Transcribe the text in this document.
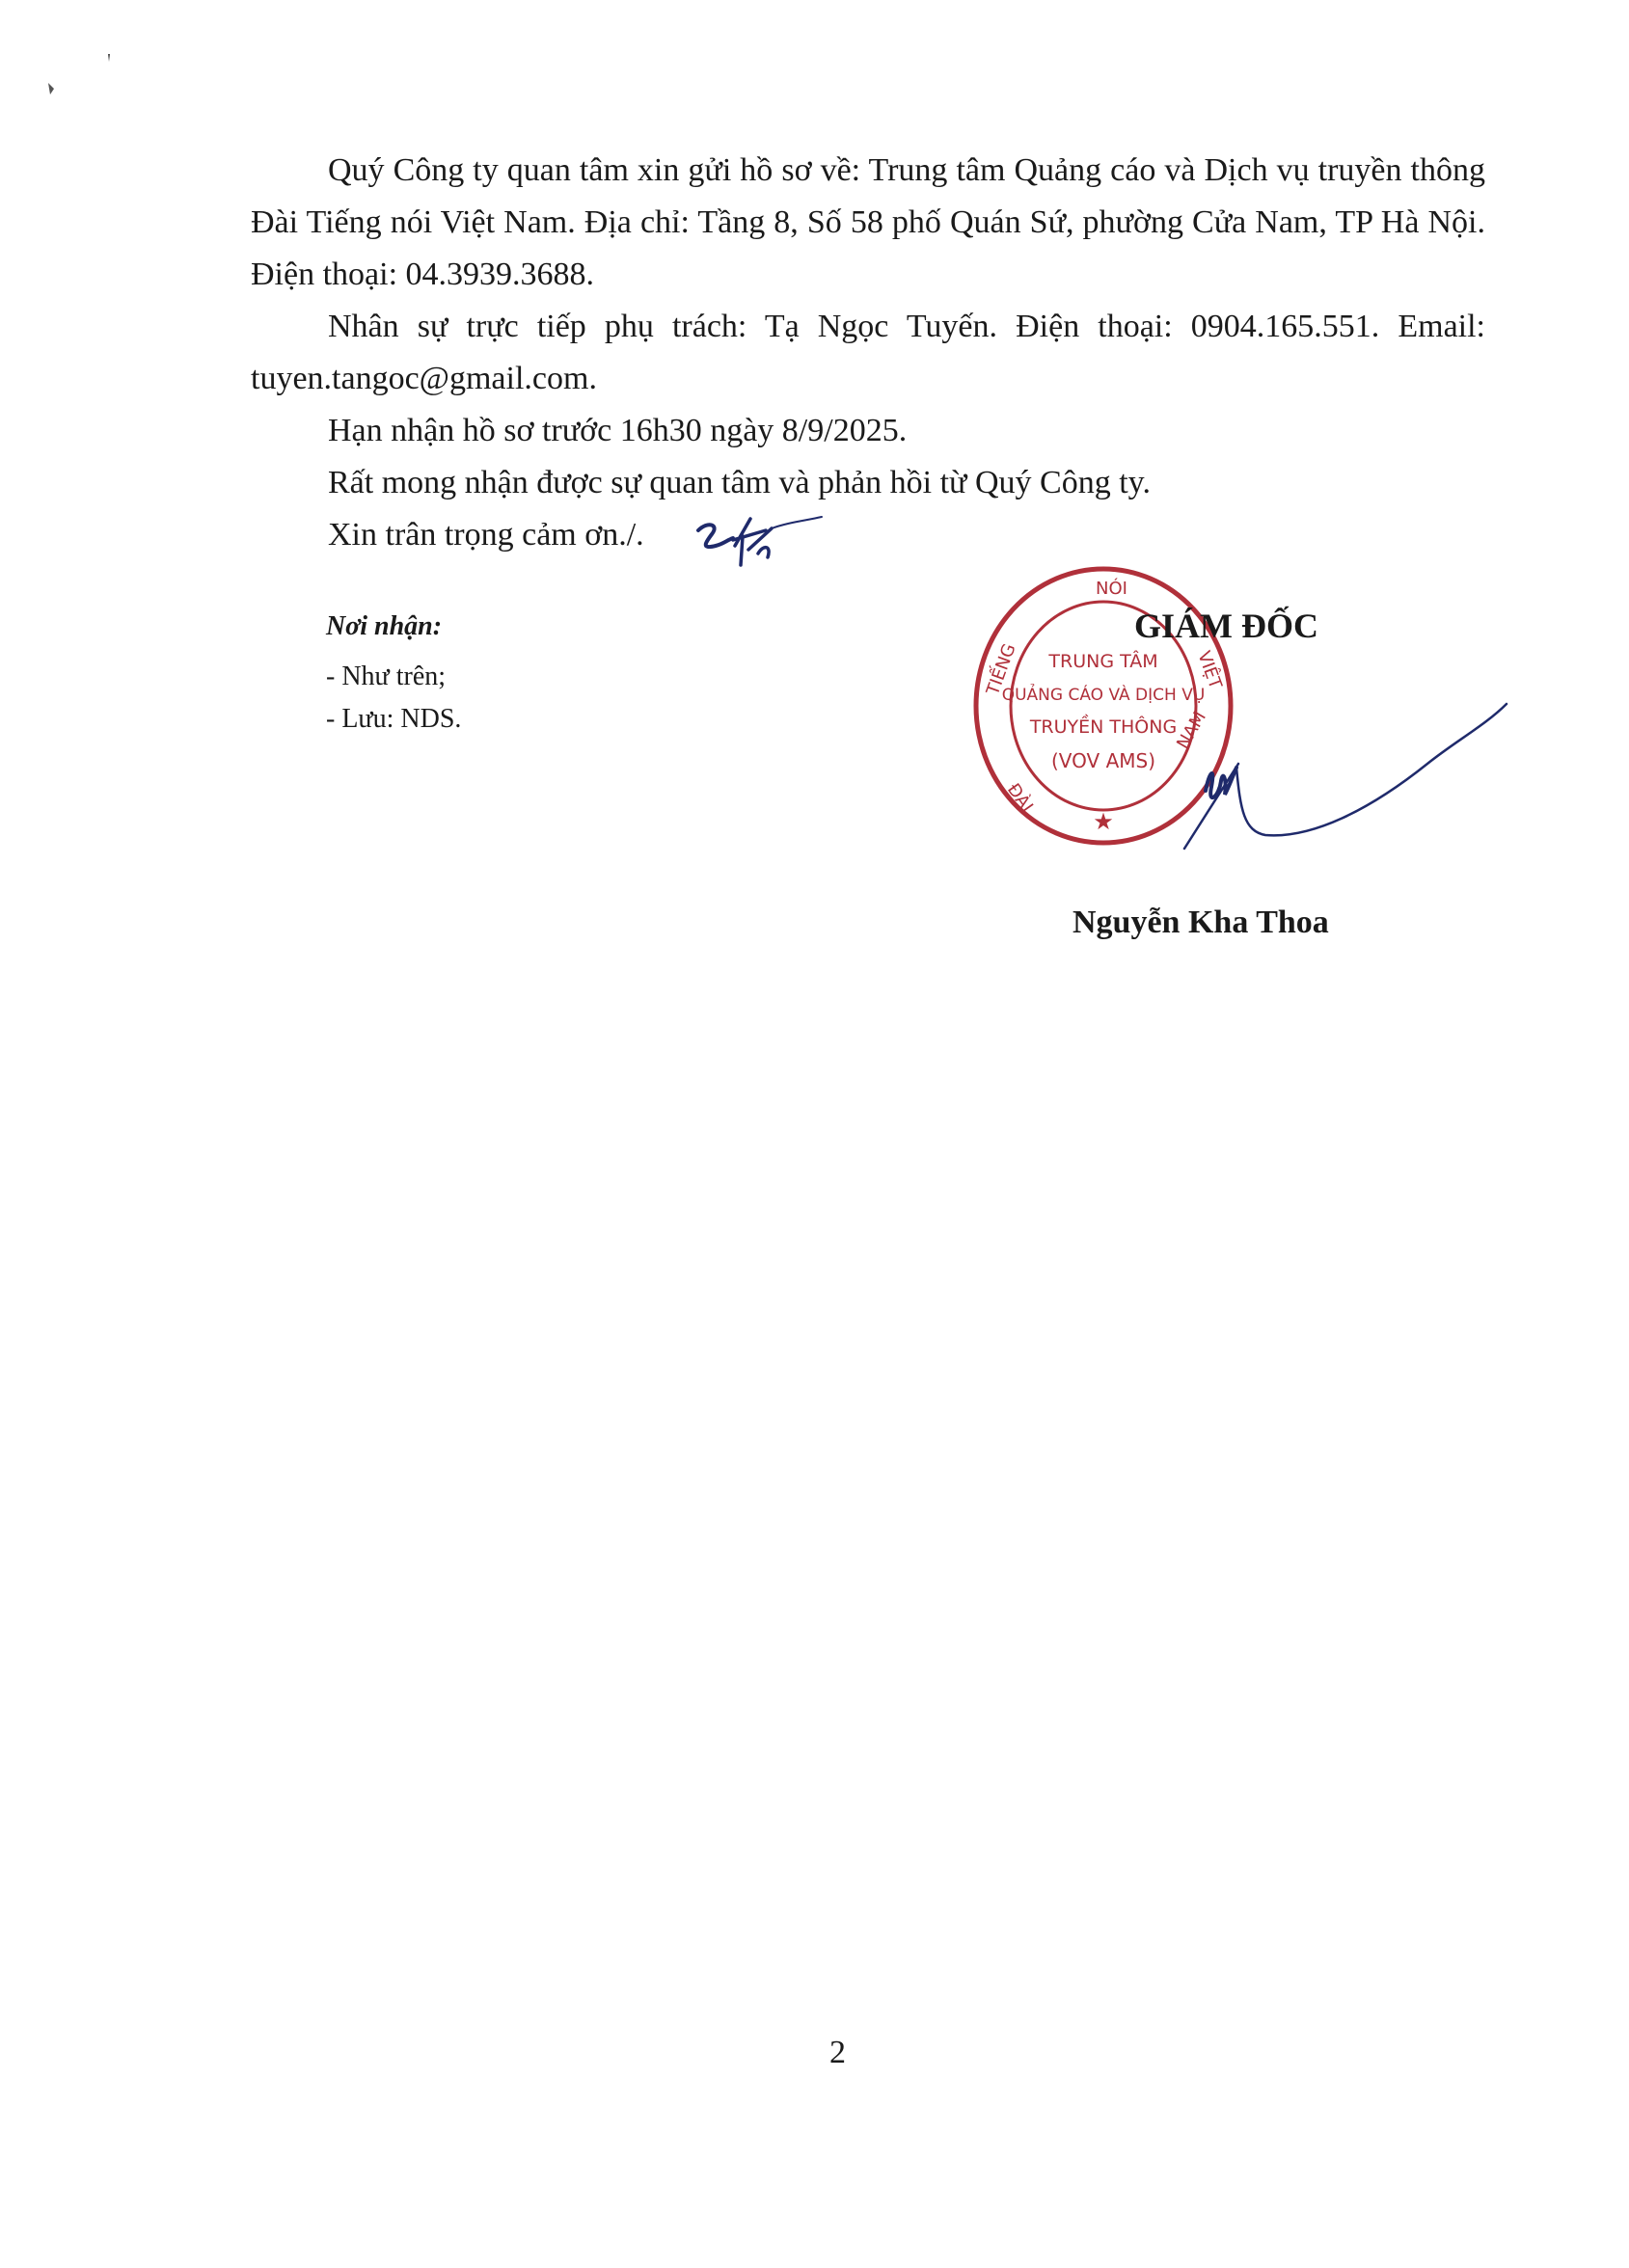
Quý Công ty quan tâm xin gửi hồ sơ về: Trung tâm Quảng cáo và Dịch vụ truyền thông Đài Tiếng nói Việt Nam. Địa chỉ: Tầng 8, Số 58 phố Quán Sứ, phường Cửa Nam, TP Hà Nội. Điện thoại: 04.3939.3688.

Nhân sự trực tiếp phụ trách: Tạ Ngọc Tuyến. Điện thoại: 0904.165.551. Email: tuyen.tangoc@gmail.com.

Hạn nhận hồ sơ trước 16h30 ngày 8/9/2025.
Rất mong nhận được sự quan tâm và phản hồi từ Quý Công ty.
Xin trân trọng cảm ơn./.
Nơi nhận:
- Như trên;
- Lưu: NDS.
NÓI
TIẾNG	VIỆT
ĐÀI
NAM
TRUNG TÂM
QUẢNG CÁO VÀ DỊCH VỤ
TRUYỀN THÔNG
(VOV AMS)
★
GIÁM ĐỐC
Nguyễn Kha Thoa
2
